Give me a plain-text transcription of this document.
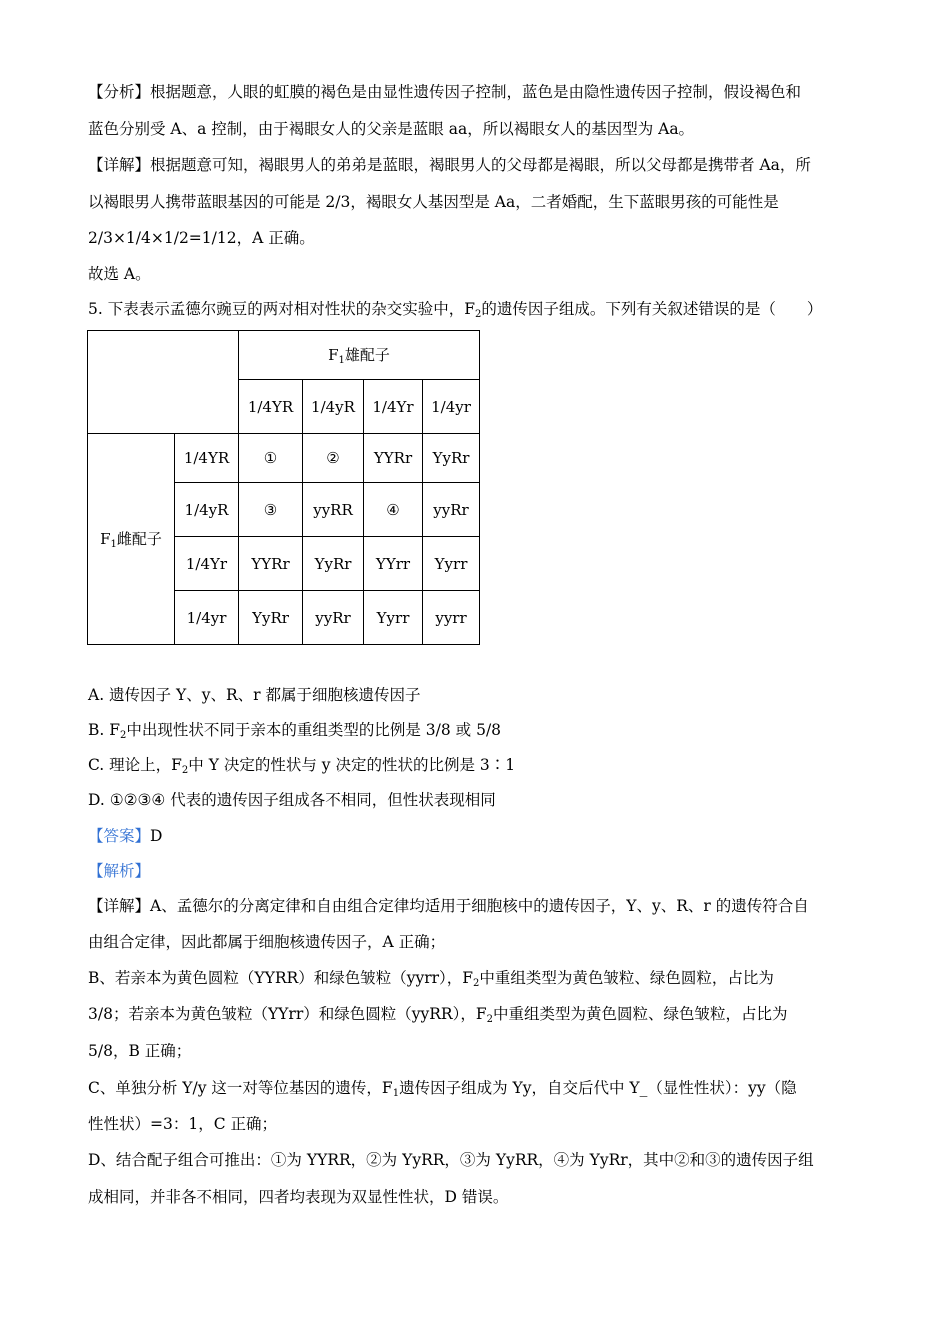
【分析】根据题意，人眼的虹膜的褐色是由显性遗传因子控制，蓝色是由隐性遗传因子控制，假设褐色和
蓝色分别受 A、a 控制，由于褐眼女人的父亲是蓝眼 aa，所以褐眼女人的基因型为 Aa。
【详解】根据题意可知，褐眼男人的弟弟是蓝眼，褐眼男人的父母都是褐眼，所以父母都是携带者 Aa，所
以褐眼男人携带蓝眼基因的可能是 2/3，褐眼女人基因型是 Aa，二者婚配，生下蓝眼男孩的可能性是
2/3×1/4×1/2=1/12，A 正确。
故选 A。
5. 下表表示孟德尔豌豆的两对相对性状的杂交实验中，$F_2$的遗传因子组成。下列有关叙述错误的是（　　）
		$F_1$雄配子			
		1/4YR	1/4yR	1/4Yr	1/4yr
$F_1$雌配子	1/4YR	①	②	YYRr	YyRr
	1/4yR	③	yyRR	④	yyRr
	1/4Yr	YYRr	YyRr	YYrr	Yyrr
	1/4yr	YyRr	yyRr	Yyrr	yyrr
A. 遗传因子 Y、y、R、r 都属于细胞核遗传因子
B. $F_2$中出现性状不同于亲本的重组类型的比例是 3/8 或 5/8
C. 理论上，$F_2$中 Y 决定的性状与 y 决定的性状的比例是 3∶1
D. ①②③④ 代表的遗传因子组成各不相同，但性状表现相同
【答案】D
【解析】
【详解】A、孟德尔的分离定律和自由组合定律均适用于细胞核中的遗传因子，Y、y、R、r 的遗传符合自
由组合定律，因此都属于细胞核遗传因子，A 正确；
B、若亲本为黄色圆粒（YYRR）和绿色皱粒（yyrr），$F_2$中重组类型为黄色皱粒、绿色圆粒，占比为
3/8；若亲本为黄色皱粒（YYrr）和绿色圆粒（yyRR），$F_2$中重组类型为黄色圆粒、绿色皱粒，占比为
5/8，B 正确；
C、单独分析 Y/y 这一对等位基因的遗传，$F_1$遗传因子组成为 Yy，自交后代中 Y_（显性性状）：yy（隐
性性状）=3：1，C 正确；
D、结合配子组合可推出：①为 YYRR，②为 YyRR，③为 YyRR，④为 YyRr，其中②和③的遗传因子组
成相同，并非各不相同，四者均表现为双显性性状，D 错误。
